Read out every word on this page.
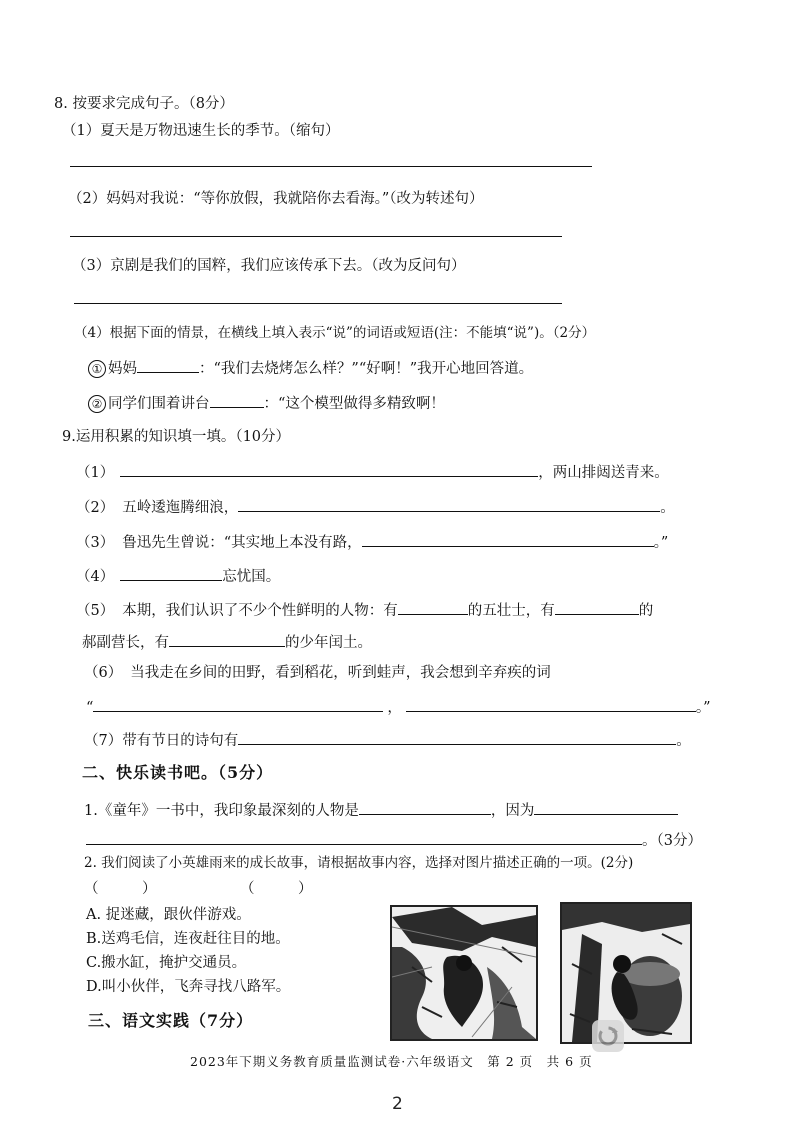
8. 按要求完成句子。（8分）
（1）夏天是万物迅速生长的季节。（缩句）
（2）妈妈对我说：“等你放假，我就陪你去看海。”（改为转述句）
（3）京剧是我们的国粹，我们应该传承下去。（改为反问句）
（4）根据下面的情景，在横线上填入表示“说”的词语或短语(注：不能填“说”)。（2分）
① 妈妈	：“我们去烧烤怎么样？”“好啊！”我开心地回答道。
② 同学们围着讲台	：“这个模型做得多精致啊！
9.运用积累的知识填一填。（10分）
（1）	，两山排闼送青来。
（2） 五岭逶迤腾细浪，	。
（3） 鲁迅先生曾说：“其实地上本没有路，	。”
（4）	忘忧国。
（5） 本期，我们认识了不少个性鲜明的人物：有	的五壮士，有	的
郝副营长，有	的少年闰土。
（6） 当我走在乡间的田野，看到稻花，听到蛙声，我会想到辛弃疾的词
“	，	。”
（7）带有节日的诗句有	。
二、快乐读书吧。（5分）
1.《童年》一书中，我印象最深刻的人物是	，因为
。（3分）
2. 我们阅读了小英雄雨来的成长故事，请根据故事内容，选择对图片描述正确的一项。(2分)
（　　　）	（　　　）
A. 捉迷藏，跟伙伴游戏。
B.送鸡毛信，连夜赶往目的地。
C.搬水缸，掩护交通员。
D.叫小伙伴，飞奔寻找八路军。
三、语文实践（7分）
2023年下期义务教育质量监测试卷·六年级语文　第 2 页　共 6 页
2
